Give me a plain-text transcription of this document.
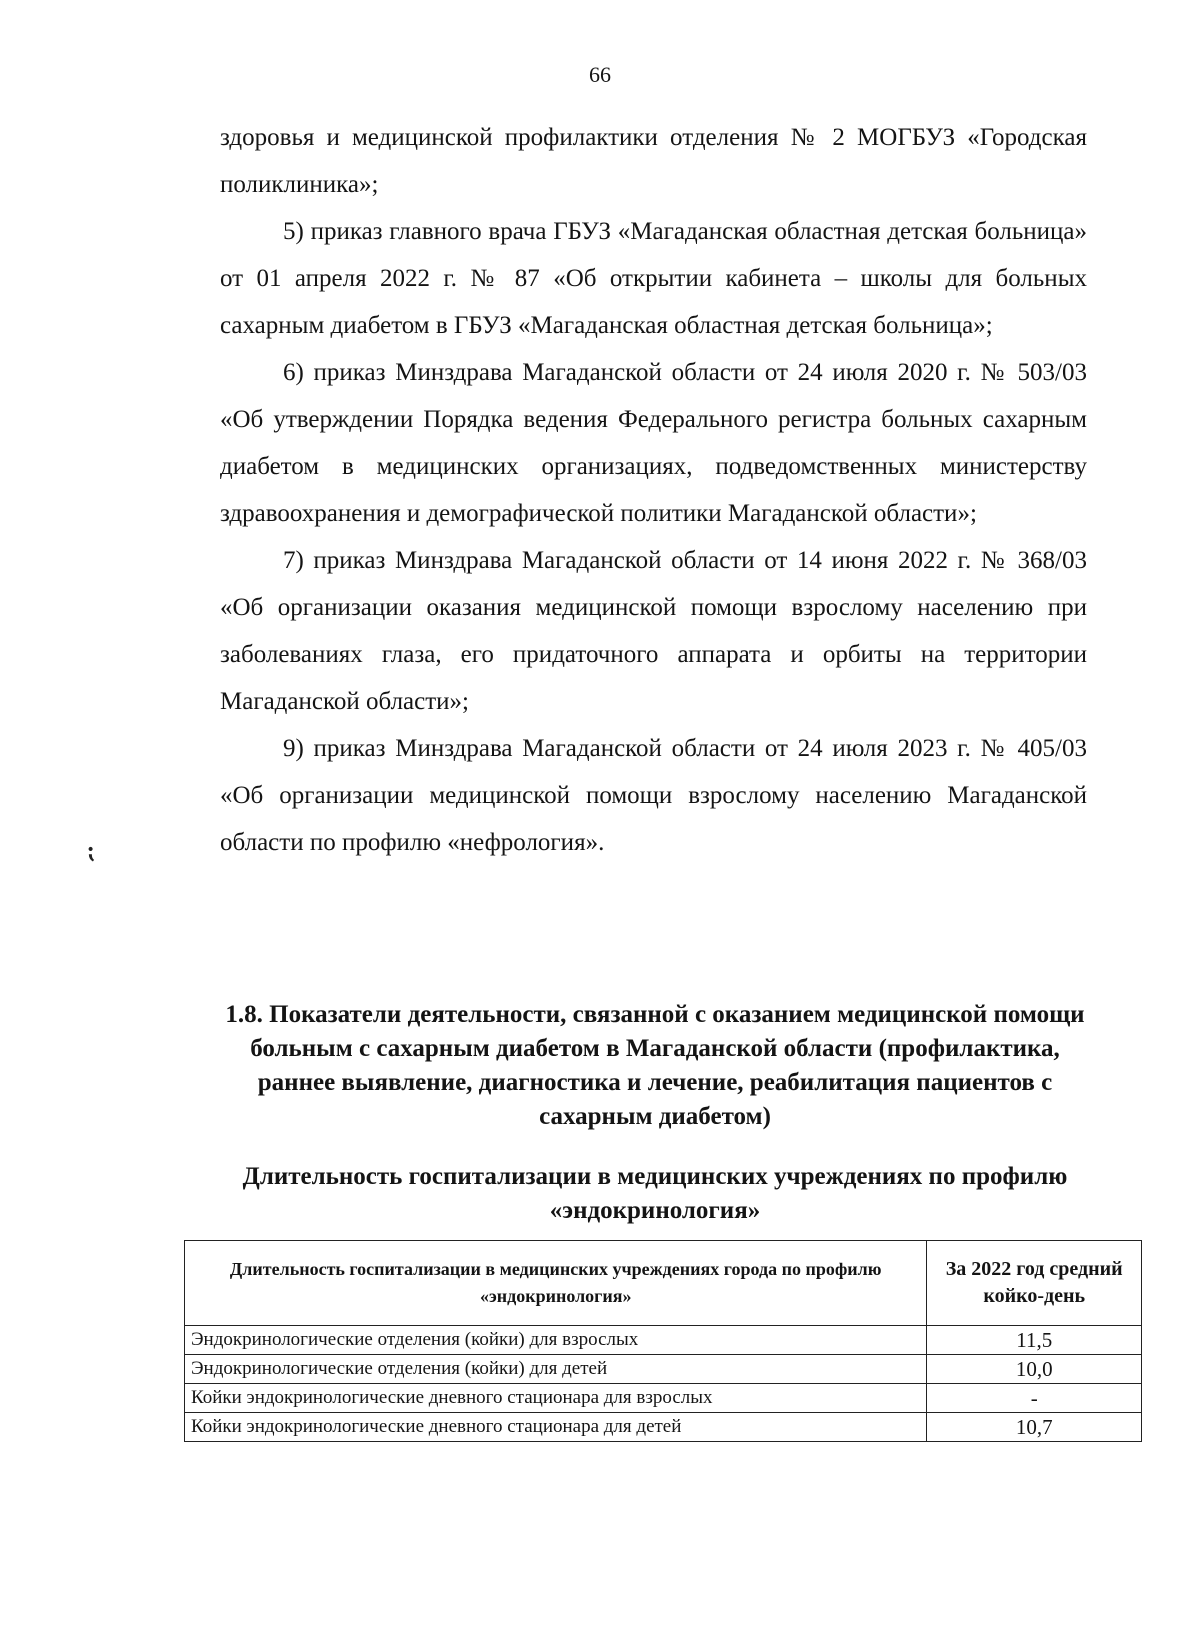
66

здоровья и медицинской профилактики отделения № 2 МОГБУЗ «Городская поликлиника»;

5) приказ главного врача ГБУЗ «Магаданская областная детская больница» от 01 апреля 2022 г. № 87 «Об открытии кабинета – школы для больных сахарным диабетом в ГБУЗ «Магаданская областная детская больница»;

6) приказ Минздрава Магаданской области от 24 июля 2020 г. № 503/03 «Об утверждении Порядка ведения Федерального регистра больных сахарным диабетом в медицинских организациях, подведомственных министерству здравоохранения и демографической политики Магаданской области»;

7) приказ Минздрава Магаданской области от 14 июня 2022 г. № 368/03 «Об организации оказания медицинской помощи взрослому населению при заболеваниях глаза, его придаточного аппарата и орбиты на территории Магаданской области»;

9) приказ Минздрава Магаданской области от 24 июля 2023 г. № 405/03 «Об организации медицинской помощи взрослому населению Магаданской области по профилю «нефрология».

⁏
1.8. Показатели деятельности, связанной с оказанием медицинской помощи больным с сахарным диабетом в Магаданской области (профилактика, раннее выявление, диагностика и лечение, реабилитация пациентов с сахарным диабетом)
Длительность госпитализации в медицинских учреждениях по профилю «эндокринология»
Длительность госпитализации в медицинских учреждениях города по профилю «эндокринология»	За 2022 год средний койко-день
Эндокринологические отделения (койки) для взрослых	11,5
Эндокринологические отделения (койки) для детей	10,0
Койки эндокринологические дневного стационара для взрослых	-
Койки эндокринологические дневного стационара для детей	10,7
